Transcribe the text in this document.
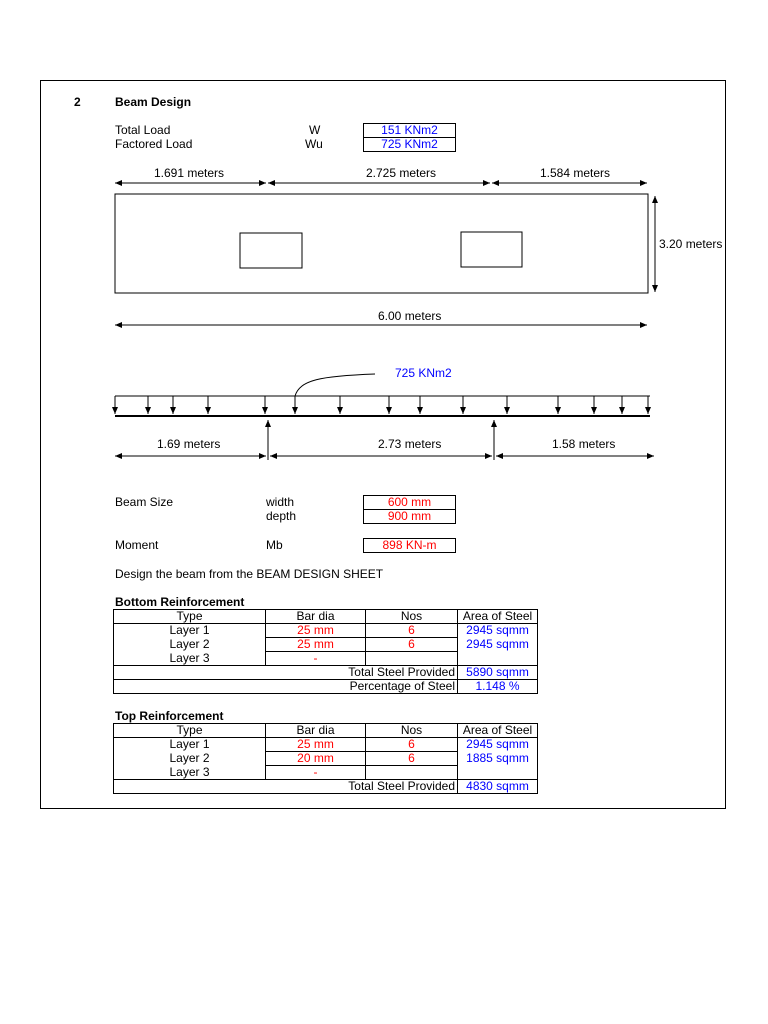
2	Beam Design
Total Load	W	151 KNm2
Factored Load	Wu	725 KNm2
1.691 meters	2.725 meters	1.584 meters
3.20 meters
6.00 meters
725 KNm2
1.69 meters	2.73 meters	1.58 meters
Beam Size	width	600 mm
depth	900 mm
Moment	Mb	898 KN-m
Design the beam from the BEAM DESIGN SHEET
Bottom Reinforcement
Type	Bar dia	Nos	Area of Steel
Layer 1	25 mm	6	2945 sqmm
Layer 2	25 mm	6	2945 sqmm
Layer 3	-		
Total Steel Provided			5890 sqmm
Percentage of Steel			1.148 %
Top Reinforcement
Type	Bar dia	Nos	Area of Steel
Layer 1	25 mm	6	2945 sqmm
Layer 2	20 mm	6	1885 sqmm
Layer 3	-		
Total Steel Provided			4830 sqmm
